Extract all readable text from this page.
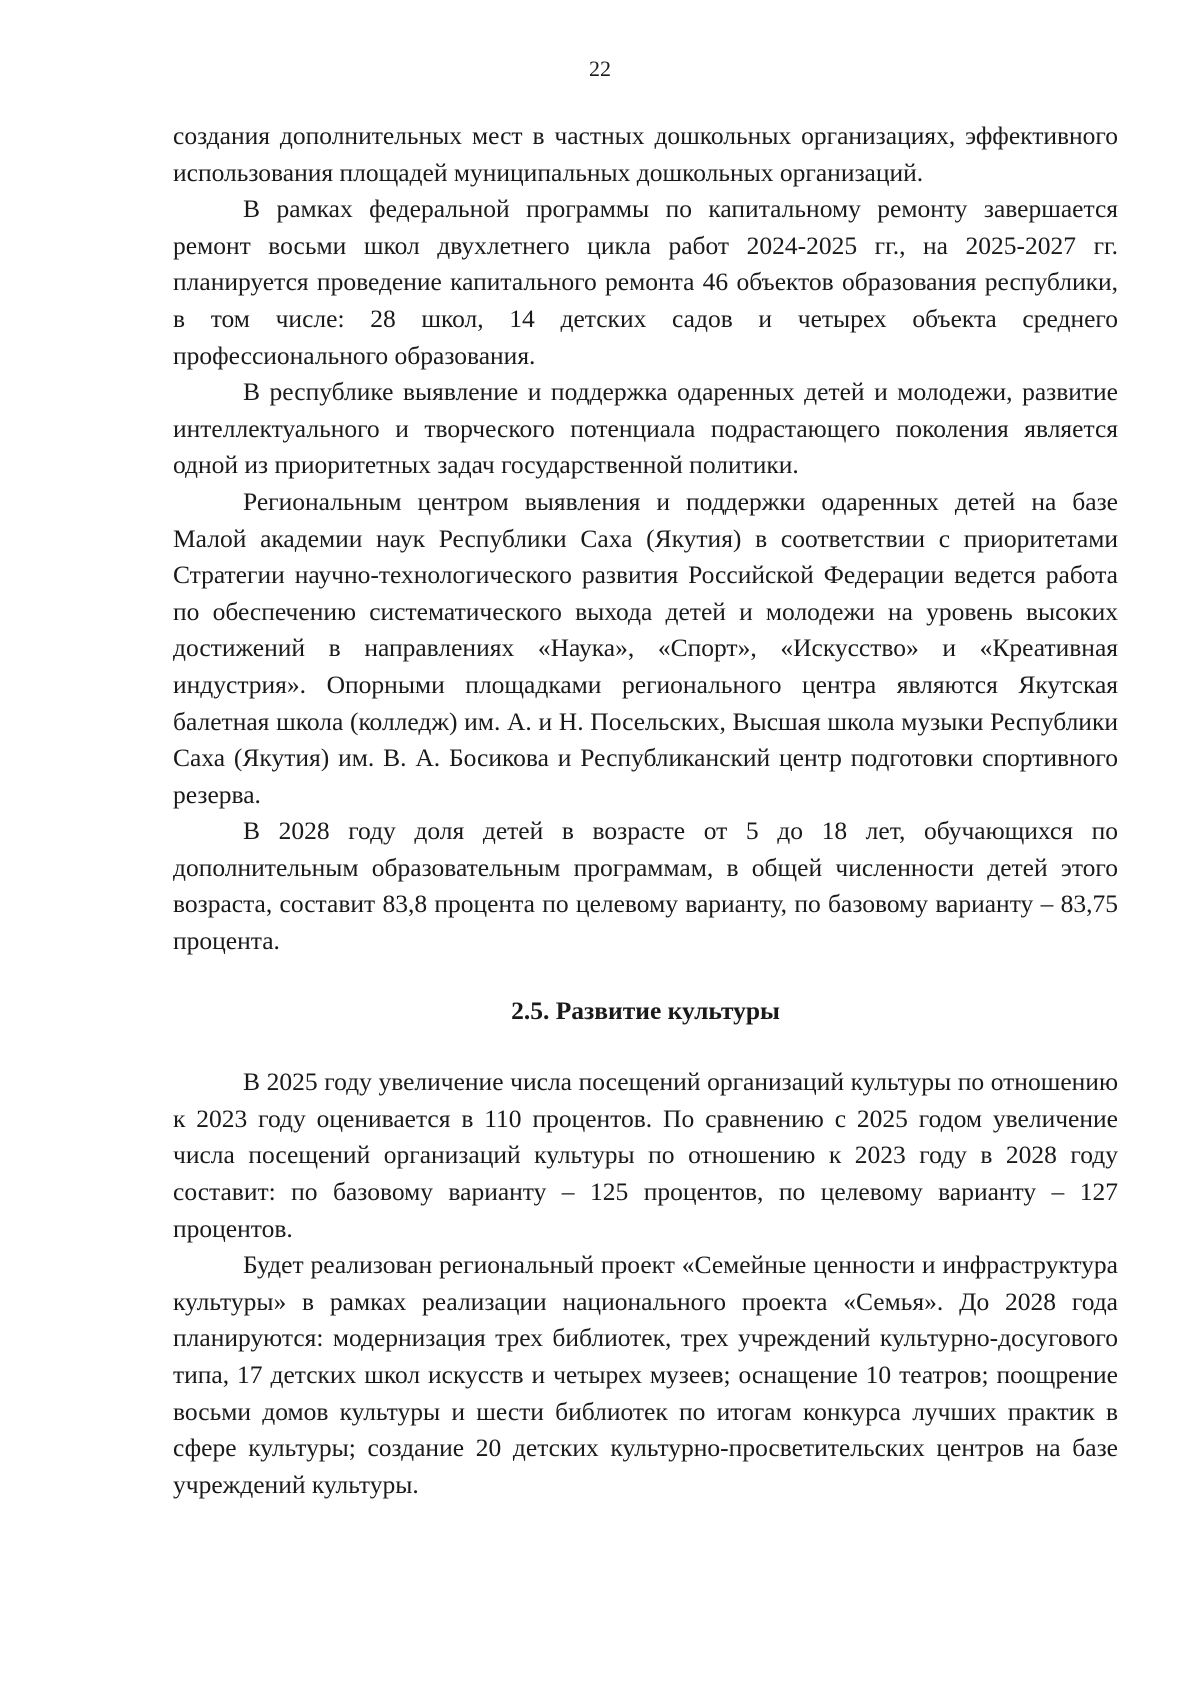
22

создания дополнительных мест в частных дошкольных организациях, эффективного использования площадей муниципальных дошкольных организаций.

В рамках федеральной программы по капитальному ремонту завершается ремонт восьми школ двухлетнего цикла работ 2024-2025 гг., на 2025-2027 гг. планируется проведение капитального ремонта 46 объектов образования республики, в том числе: 28 школ, 14 детских садов и четырех объекта среднего профессионального образования.

В республике выявление и поддержка одаренных детей и молодежи, развитие интеллектуального и творческого потенциала подрастающего поколения является одной из приоритетных задач государственной политики.

Региональным центром выявления и поддержки одаренных детей на базе Малой академии наук Республики Саха (Якутия) в соответствии с приоритетами Стратегии научно-технологического развития Российской Федерации ведется работа по обеспечению систематического выхода детей и молодежи на уровень высоких достижений в направлениях «Наука», «Спорт», «Искусство» и «Креативная индустрия». Опорными площадками регионального центра являются Якутская балетная школа (колледж) им. А. и Н. Посельских, Высшая школа музыки Республики Саха (Якутия) им. В. А. Босикова и Республиканский центр подготовки спортивного резерва.

В 2028 году доля детей в возрасте от 5 до 18 лет, обучающихся по дополнительным образовательным программам, в общей численности детей этого возраста, составит 83,8 процента по целевому варианту, по базовому варианту – 83,75 процента.

2.5. Развитие культуры

В 2025 году увеличение числа посещений организаций культуры по отношению к 2023 году оценивается в 110 процентов. По сравнению с 2025 годом увеличение числа посещений организаций культуры по отношению к 2023 году в 2028 году составит: по базовому варианту – 125 процентов, по целевому варианту – 127 процентов.

Будет реализован региональный проект «Семейные ценности и инфраструктура культуры» в рамках реализации национального проекта «Семья». До 2028 года планируются: модернизация трех библиотек, трех учреждений культурно-досугового типа, 17 детских школ искусств и четырех музеев; оснащение 10 театров; поощрение восьми домов культуры и шести библиотек по итогам конкурса лучших практик в сфере культуры; создание 20 детских культурно-просветительских центров на базе учреждений культуры.
